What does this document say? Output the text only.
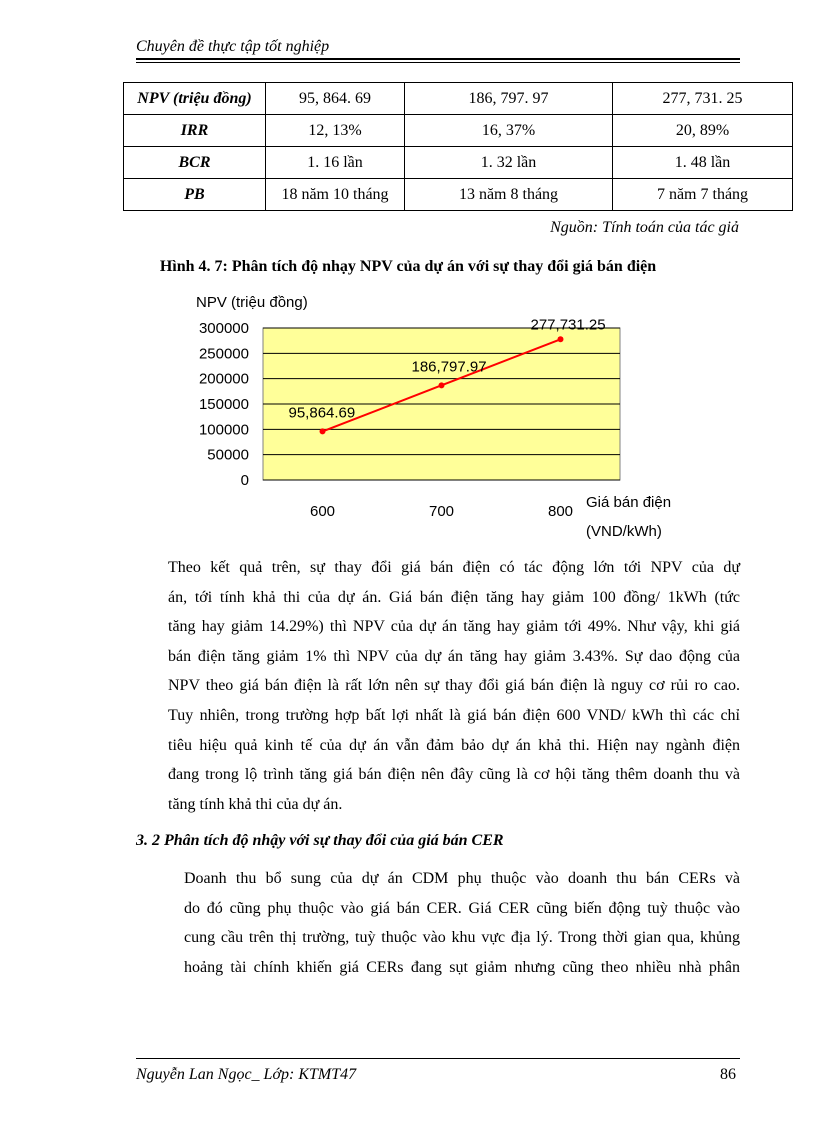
Chuyên đề thực tập tốt nghiệp
NPV (triệu đồng)	95, 864. 69	186, 797. 97	277, 731. 25
IRR	12, 13%	16, 37%	20, 89%
BCR	1. 16 lần	1. 32 lần	1. 48 lần
PB	18 năm 10 tháng	13 năm 8 tháng	7 năm 7 tháng
Nguồn: Tính toán của tác giả
Hình 4. 7: Phân tích độ nhạy NPV của dự án với sự thay đổi giá bán điện
NPV (triệu đồng)
0
50000
100000
150000
200000
250000
300000
600	700	800
95,864.69
186,797.97
277,731.25
Giá bán điện
(VND/kWh)
Theo kết quả trên, sự thay đổi giá bán điện có tác động lớn tới NPV của dự
án, tới tính khả thi của dự án. Giá bán điện tăng hay giảm 100 đồng/ 1kWh (tức
tăng hay giảm 14.29%) thì NPV của dự án tăng hay giảm tới 49%. Như vậy, khi giá
bán điện tăng giảm 1% thì NPV của dự án tăng hay giảm 3.43%. Sự dao động của
NPV theo giá bán điện là rất lớn nên sự thay đổi giá bán điện là nguy cơ rủi ro cao.
Tuy nhiên, trong trường hợp bất lợi nhất là giá bán điện 600 VND/ kWh thì các chỉ
tiêu hiệu quả kinh tế của dự án vẫn đảm bảo dự án khả thi. Hiện nay ngành điện
đang trong lộ trình tăng giá bán điện nên đây cũng là cơ hội tăng thêm doanh thu và
tăng tính khả thi của dự án.
3. 2 Phân tích độ nhậy với sự thay đổi của giá bán CER
Doanh thu bổ sung của dự án CDM phụ thuộc vào doanh thu bán CERs và
do đó cũng phụ thuộc vào giá bán CER. Giá CER cũng biến động tuỳ thuộc vào
cung cầu trên thị trường, tuỳ thuộc vào khu vực địa lý. Trong thời gian qua, khủng
hoảng tài chính khiến giá CERs đang sụt giảm nhưng cũng theo nhiều nhà phân
Nguyễn Lan Ngọc_ Lớp: KTMT47	86
